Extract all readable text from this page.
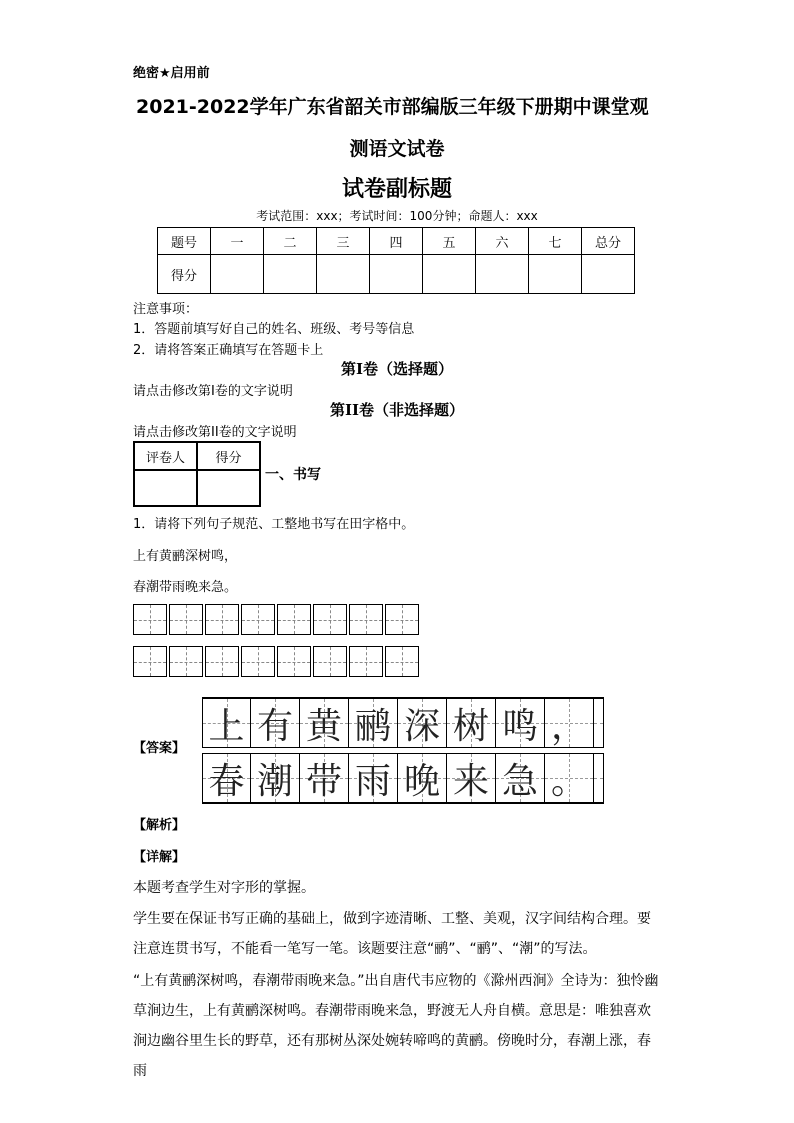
绝密★启用前
2021-2022学年广东省韶关市部编版三年级下册期中课堂观
测语文试卷
试卷副标题
考试范围：xxx；考试时间：100分钟；命题人：xxx
题号	一	二	三	四	五	六	七	总分
得分								
注意事项：
1．答题前填写好自己的姓名、班级、考号等信息
2．请将答案正确填写在答题卡上
第I卷（选择题）
请点击修改第I卷的文字说明
第II卷（非选择题）
请点击修改第II卷的文字说明
评卷人	得分

一、书写
1．请将下列句子规范、工整地书写在田字格中。
上有黄鹂深树鸣，
春潮带雨晚来急。
【答案】
上 有 黄 鹂 深 树 鸣 ，
春 潮 带 雨 晚 来 急 。
【解析】
【详解】
本题考查学生对字形的掌握。
学生要在保证书写正确的基础上，做到字迹清晰、工整、美观，汉字间结构合理。要注意连贯书写，不能看一笔写一笔。该题要注意“鹂”、“鹂”、“潮”的写法。
“上有黄鹂深树鸣，春潮带雨晚来急。”出自唐代韦应物的《滁州西涧》全诗为：独怜幽草涧边生，上有黄鹂深树鸣。春潮带雨晚来急，野渡无人舟自横。意思是：唯独喜欢涧边幽谷里生长的野草，还有那树丛深处婉转啼鸣的黄鹂。傍晚时分，春潮上涨，春雨
